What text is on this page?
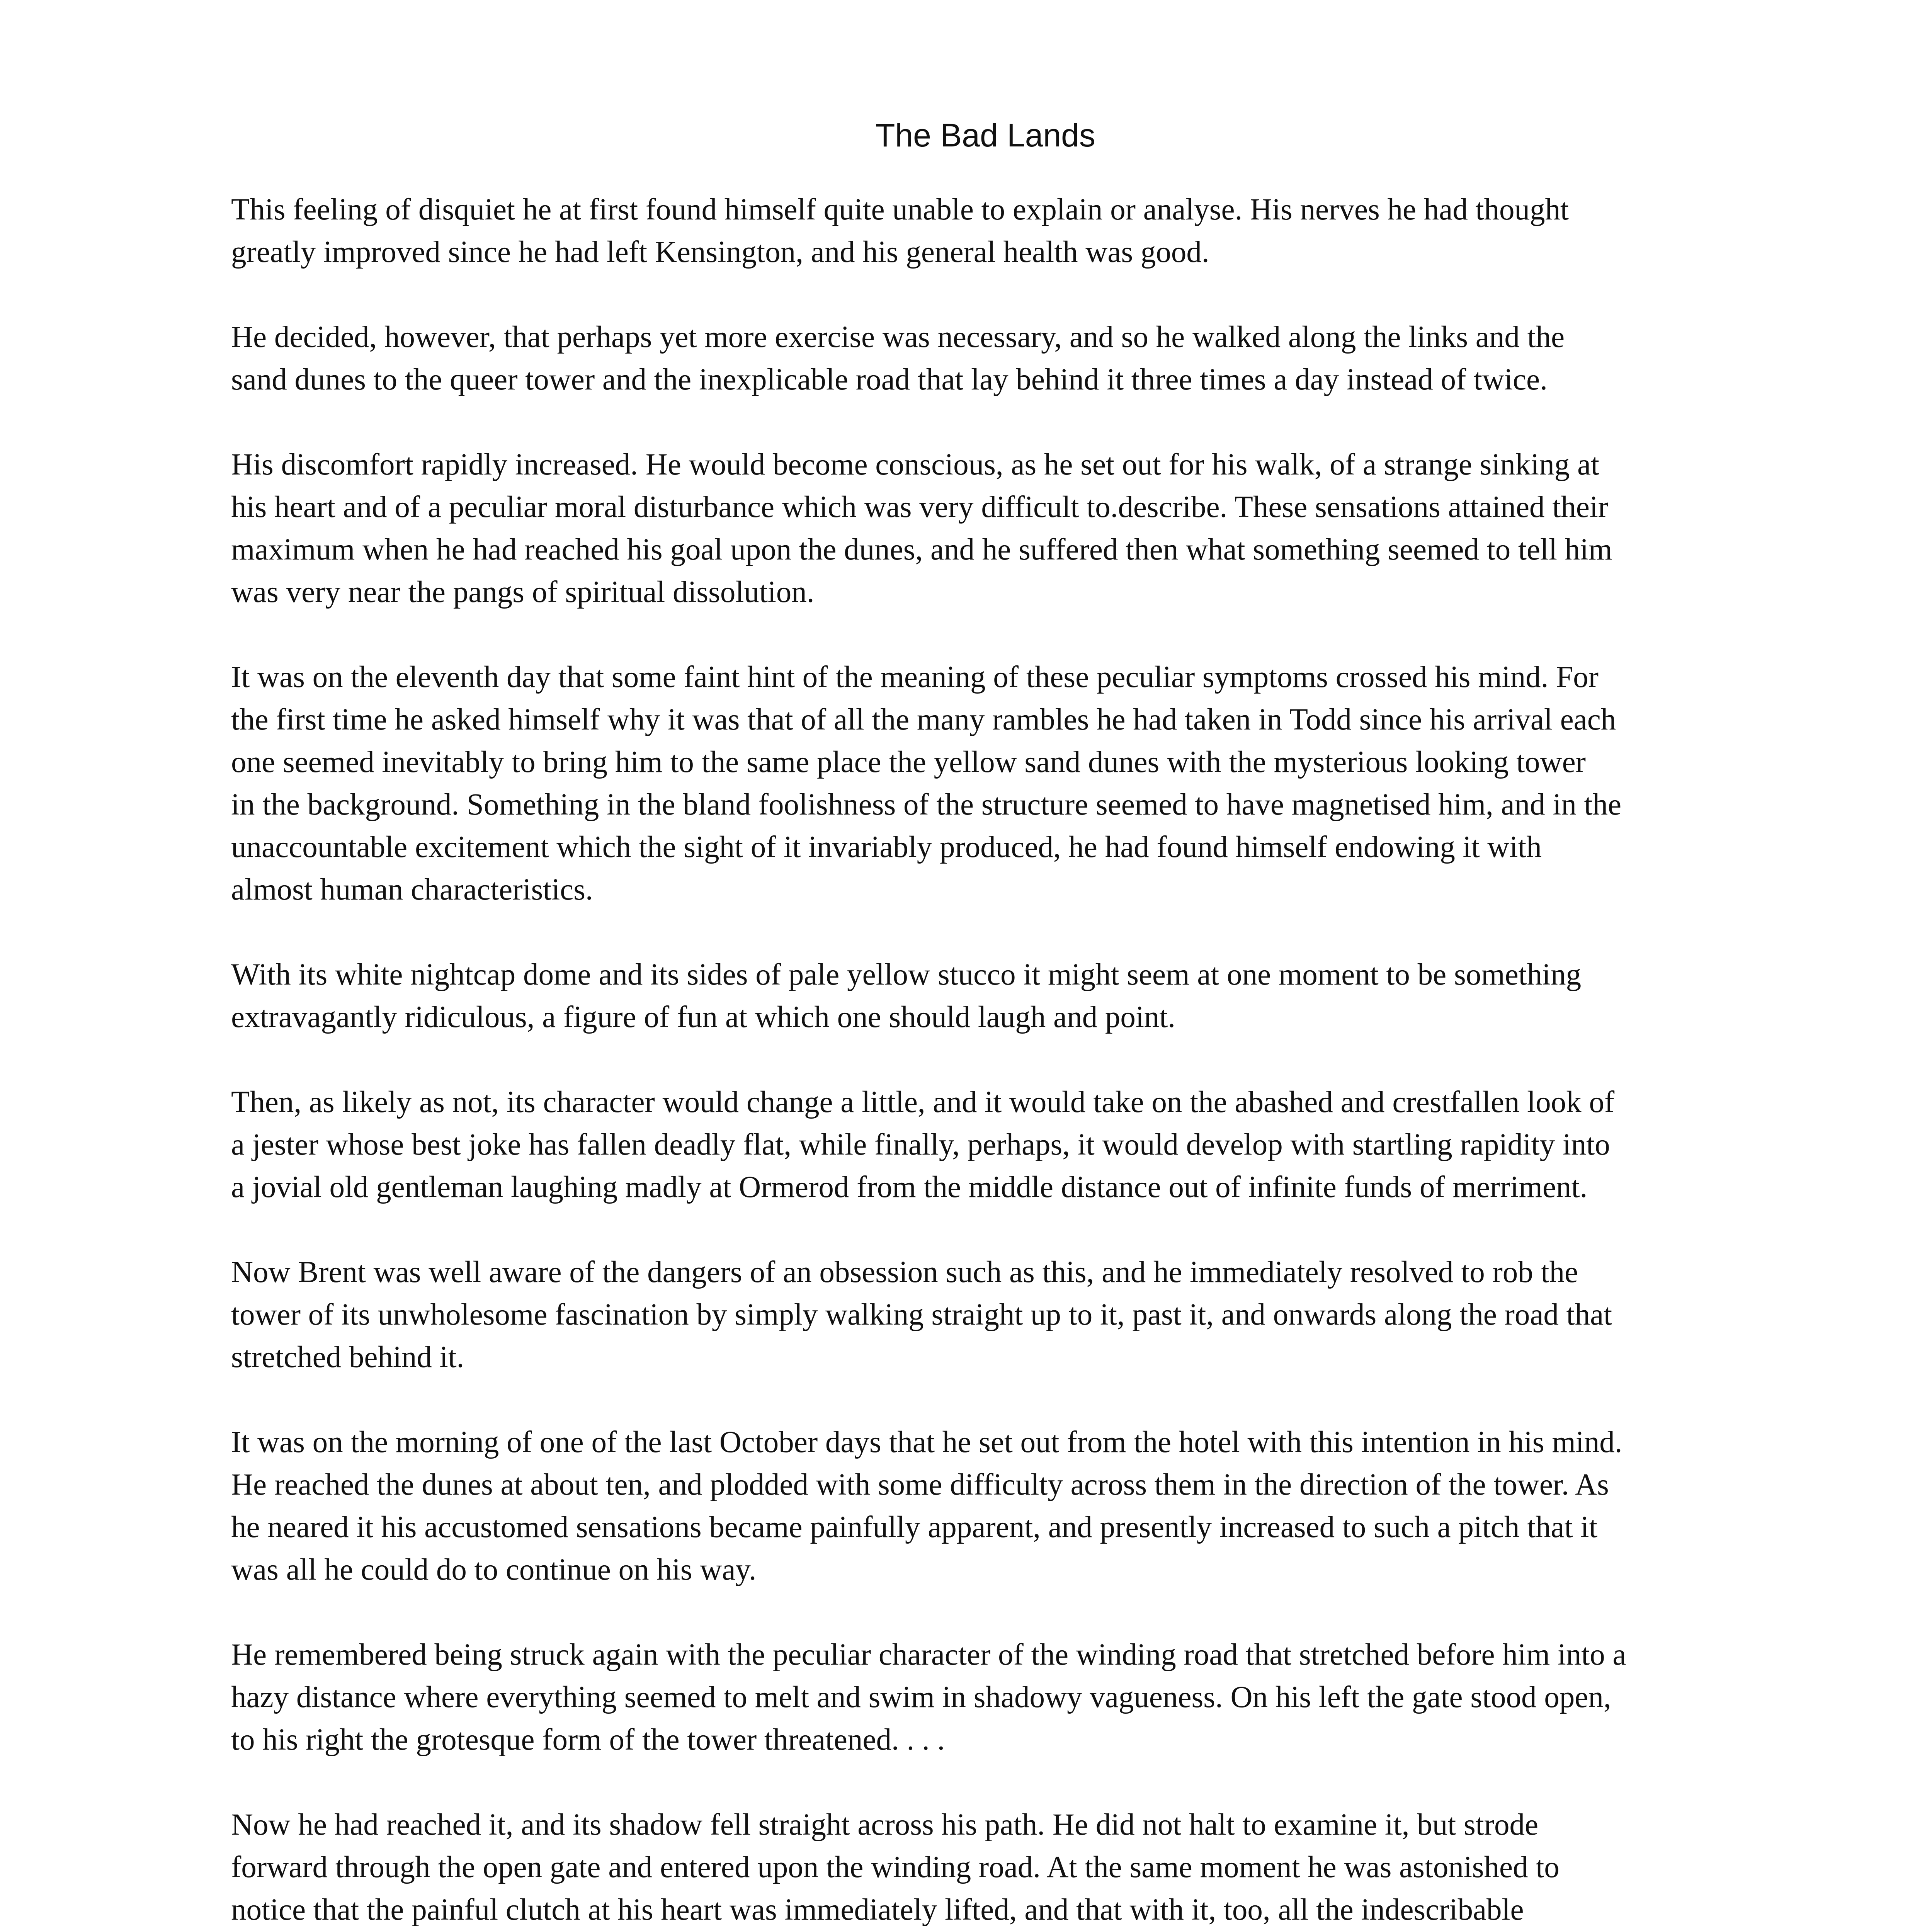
The Bad Lands

This feeling of disquiet he at first found himself quite unable to explain or analyse. His nerves he had thought
greatly improved since he had left Kensington, and his general health was good.

He decided, however, that perhaps yet more exercise was necessary, and so he walked along the links and the
sand dunes to the queer tower and the inexplicable road that lay behind it three times a day instead of twice.

His discomfort rapidly increased. He would become conscious, as he set out for his walk, of a strange sinking at
his heart and of a peculiar moral disturbance which was very difficult to.describe. These sensations attained their
maximum when he had reached his goal upon the dunes, and he suffered then what something seemed to tell him
was very near the pangs of spiritual dissolution.

It was on the eleventh day that some faint hint of the meaning of these peculiar symptoms crossed his mind. For
the first time he asked himself why it was that of all the many rambles he had taken in Todd since his arrival each
one seemed inevitably to bring him to the same place the yellow sand dunes with the mysterious looking tower
in the background. Something in the bland foolishness of the structure seemed to have magnetised him, and in the
unaccountable excitement which the sight of it invariably produced, he had found himself endowing it with
almost human characteristics.

With its white nightcap dome and its sides of pale yellow stucco it might seem at one moment to be something
extravagantly ridiculous, a figure of fun at which one should laugh and point.

Then, as likely as not, its character would change a little, and it would take on the abashed and crestfallen look of
a jester whose best joke has fallen deadly flat, while finally, perhaps, it would develop with startling rapidity into
a jovial old gentleman laughing madly at Ormerod from the middle distance out of infinite funds of merriment.

Now Brent was well aware of the dangers of an obsession such as this, and he immediately resolved to rob the
tower of its unwholesome fascination by simply walking straight up to it, past it, and onwards along the road that
stretched behind it.

It was on the morning of one of the last October days that he set out from the hotel with this intention in his mind.
He reached the dunes at about ten, and plodded with some difficulty across them in the direction of the tower. As
he neared it his accustomed sensations became painfully apparent, and presently increased to such a pitch that it
was all he could do to continue on his way.

He remembered being struck again with the peculiar character of the winding road that stretched before him into a
hazy distance where everything seemed to melt and swim in shadowy vagueness. On his left the gate stood open,
to his right the grotesque form of the tower threatened. . . .

Now he had reached it, and its shadow fell straight across his path. He did not halt to examine it, but strode
forward through the open gate and entered upon the winding road. At the same moment he was astonished to
notice that the painful clutch at his heart was immediately lifted, and that with it, too, all the indescribable
